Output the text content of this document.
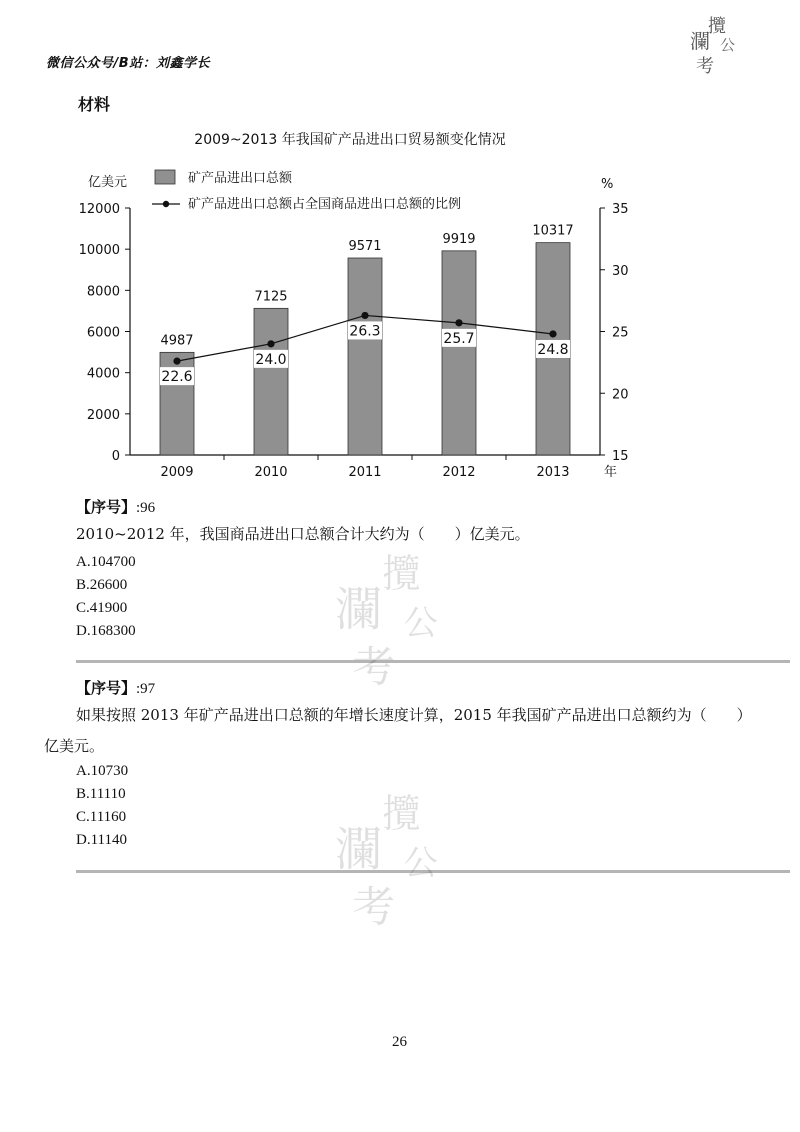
微信公众号/B站：刘鑫学长
攬
瀾 公
考
材料
2009~2013 年我国矿产品进出口贸易额变化情况
矿产品进出口总额
矿产品进出口总额占全国商品进出口总额的比例
亿美元	%
年
0
2000
4000
6000
8000
10000
12000
15
20
25
30
35
2009	2010	2011	2012	2013
4987
7125
9571	9919
10317
22.6
24.0
26.3	25.7
24.8
【序号】:96
2010~2012 年，我国商品进出口总额合计大约为（　　）亿美元。
A.104700
B.26600
C.41900
D.168300
【序号】:97
如果按照 2013 年矿产品进出口总额的年增长速度计算，2015 年我国矿产品进出口总额约为（　　）
亿美元。
A.10730
B.11110
C.11160
D.11140
攬
瀾 公
考
攬
瀾 公
考
26
